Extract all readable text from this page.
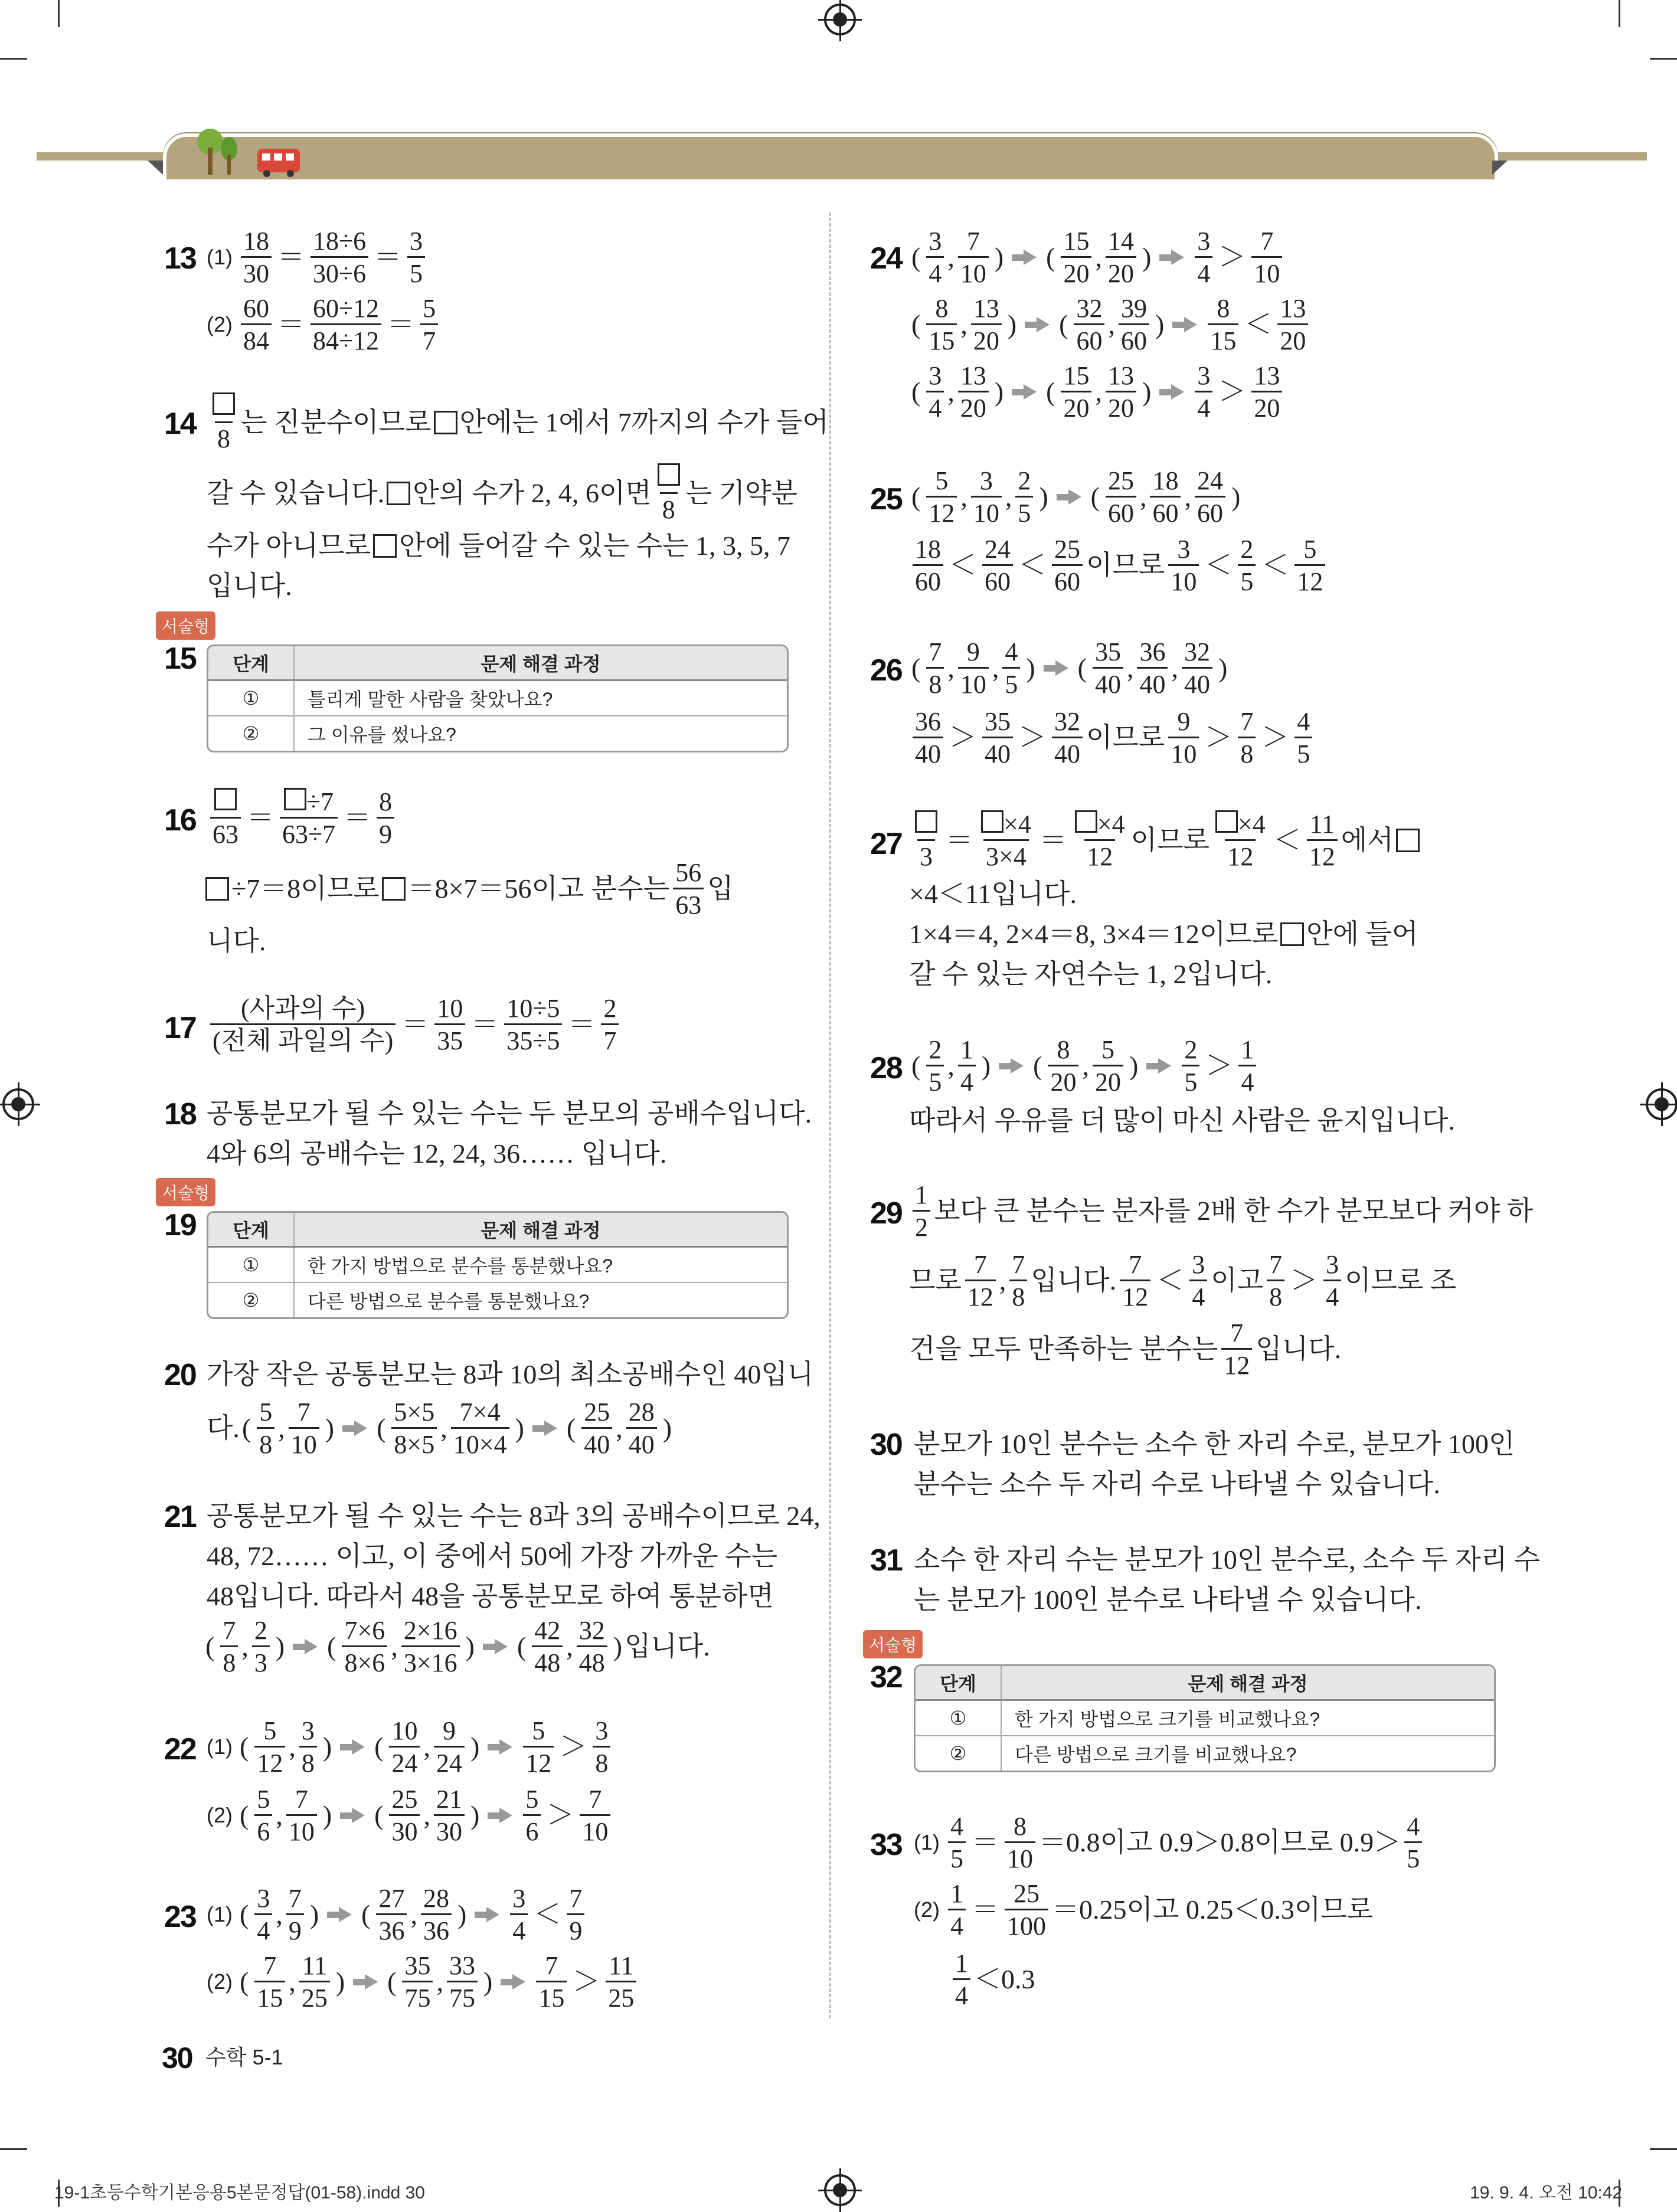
13 $(1) \frac{18}{30} = \frac{18\div 6}{30\div 6} = \frac{3}{5}$
$(2) \frac{60}{84} = \frac{60\div 12}{84\div 12} = \frac{5}{7}$
14 8
는 진분수이므로 안에는 1에서 7까지의 수가 들어
갈 수 있습니다. 안의 수가 2, 4, 6이면
8
는 기약분
수가 아니므로 안에 들어갈 수 있는 수는 1, 3, 5, 7
입니다.
서술형
15 단계	문제 해결 과정
①	틀리게 말한 사람을 찾았나요?
②	그 이유를 썼나요?
16 63
＝ $\frac{\div 7}{63\div 7} = \frac{8}{9}$
÷7＝8이므로 ＝8×7＝56이고 분수는 $\frac{56}{63}$ 입
니다.
$17 \frac{\text{(사과의 수)}}{\text{(전체 과일의 수)}} = \frac{10}{35} = \frac{10\div 5}{35\div 5} = \frac{2}{7}$
18 공통분모가 될 수 있는 수는 두 분모의 공배수입니다.
4와 6의 공배수는 12, 24, 36…… 입니다.
서술형
19 단계	문제 해결 과정
①	한 가지 방법으로 분수를 통분했나요?
②	다른 방법으로 분수를 통분했나요?
20 가장 작은 공통분모는 8과 10의 최소공배수인 40입니
다. ( $\frac{5}{8}$ , $\frac{7}{10}$ ) ( $\frac{5\times 5}{8\times 5}$ , $\frac{7\times 4}{10\times 4}$ ) ( $\frac{25}{40}$ , $\frac{28}{40}$ )
21 공통분모가 될 수 있는 수는 8과 3의 공배수이므로 24,
48, 72…… 이고, 이 중에서 50에 가장 가까운 수는
48입니다. 따라서 48을 공통분모로 하여 통분하면
( $\frac{7}{8}$ , $\frac{2}{3}$ ) ( $\frac{7\times 6}{8\times 6}$ , $\frac{2\times 16}{3\times 16}$ ) ( $\frac{42}{48}$ , $\frac{32}{48}$ ) 입니다.
22 (1) ( $\frac{5}{12}$ , $\frac{3}{8}$ ) ( $\frac{10}{24}$ , $\frac{9}{24}$ ) $\frac{5}{12} > \frac{3}{8}$
(2) ( $\frac{5}{6}$ , $\frac{7}{10}$ ) ( $\frac{25}{30}$ , $\frac{21}{30}$ ) $\frac{5}{6} > \frac{7}{10}$
23 (1) ( $\frac{3}{4}$ , $\frac{7}{9}$ ) ( $\frac{27}{36}$ , $\frac{28}{36}$ ) $\frac{3}{4} < \frac{7}{9}$
(2) ( $\frac{7}{15}$ , $\frac{11}{25}$ ) ( $\frac{35}{75}$ , $\frac{33}{75}$ ) $\frac{7}{15} > \frac{11}{25}$
30 수학 5-1
24 ( $\frac{3}{4}$ , $\frac{7}{10}$ ) ( $\frac{15}{20}$ , $\frac{14}{20}$ ) $\frac{3}{4} > \frac{7}{10}$
( $\frac{8}{15}$ , $\frac{13}{20}$ ) ( $\frac{32}{60}$ , $\frac{39}{60}$ ) $\frac{8}{15} < \frac{13}{20}$
( $\frac{3}{4}$ , $\frac{13}{20}$ ) ( $\frac{15}{20}$ , $\frac{13}{20}$ ) $\frac{3}{4} > \frac{13}{20}$
25 ( $\frac{5}{12}$ , $\frac{3}{10}$ , $\frac{2}{5}$ ) ( $\frac{25}{60}$ , $\frac{18}{60}$ , $\frac{24}{60}$ )
$\frac{18}{60} < \frac{24}{60} < \frac{25}{60}$ 이므로 $\frac{3}{10} < \frac{2}{5} < \frac{5}{12}$
26 ( $\frac{7}{8}$ , $\frac{9}{10}$ , $\frac{4}{5}$ ) ( $\frac{35}{40}$ , $\frac{36}{40}$ , $\frac{32}{40}$ )
$\frac{36}{40} > \frac{35}{40} > \frac{32}{40}$ 이므로 $\frac{9}{10} > \frac{7}{8} > \frac{4}{5}$
27 3
＝ $\frac{\times 4}{3\times 4} = \frac{\times 4}{12}$ 이므로 $\frac{\times 4}{12} < \frac{11}{12}$ 에서
×4＜11입니다.
1×4＝4, 2×4＝8, 3×4＝12이므로 안에 들어
갈 수 있는 자연수는 1, 2입니다.
28 ( $\frac{2}{5}$ , $\frac{1}{4}$ ) ( $\frac{8}{20}$ , $\frac{5}{20}$ ) $\frac{2}{5} > \frac{1}{4}$
따라서 우유를 더 많이 마신 사람은 윤지입니다.
$29 \frac{1}{2}$ 보다 큰 분수는 분자를 2배 한 수가 분모보다 커야 하
므로 $\frac{7}{12}$ , $\frac{7}{8}$ 입니다. $\frac{7}{12} < \frac{3}{4}$ 이고 $\frac{7}{8} > \frac{3}{4}$ 이므로 조
건을 모두 만족하는 분수는 $\frac{7}{12}$ 입니다.
30 분모가 10인 분수는 소수 한 자리 수로, 분모가 100인
분수는 소수 두 자리 수로 나타낼 수 있습니다.
31 소수 한 자리 수는 분모가 10인 분수로, 소수 두 자리 수
는 분모가 100인 분수로 나타낼 수 있습니다.
서술형
32 단계	문제 해결 과정
①	한 가지 방법으로 크기를 비교했나요?
②	다른 방법으로 크기를 비교했나요?
33 $(1) \frac{4}{5} = \frac{8}{10} =0.8$이고 0.9＞0.8이므로 $0.9> \frac{4}{5}$
$(2) \frac{1}{4} = \frac{25}{100} =0.25$이고 0.25＜0.3이므로
$\frac{1}{4} <0.3$
19-1초등수학기본응용5본문정답(01-58).indd 30	19. 9. 4. 오전 10:42
